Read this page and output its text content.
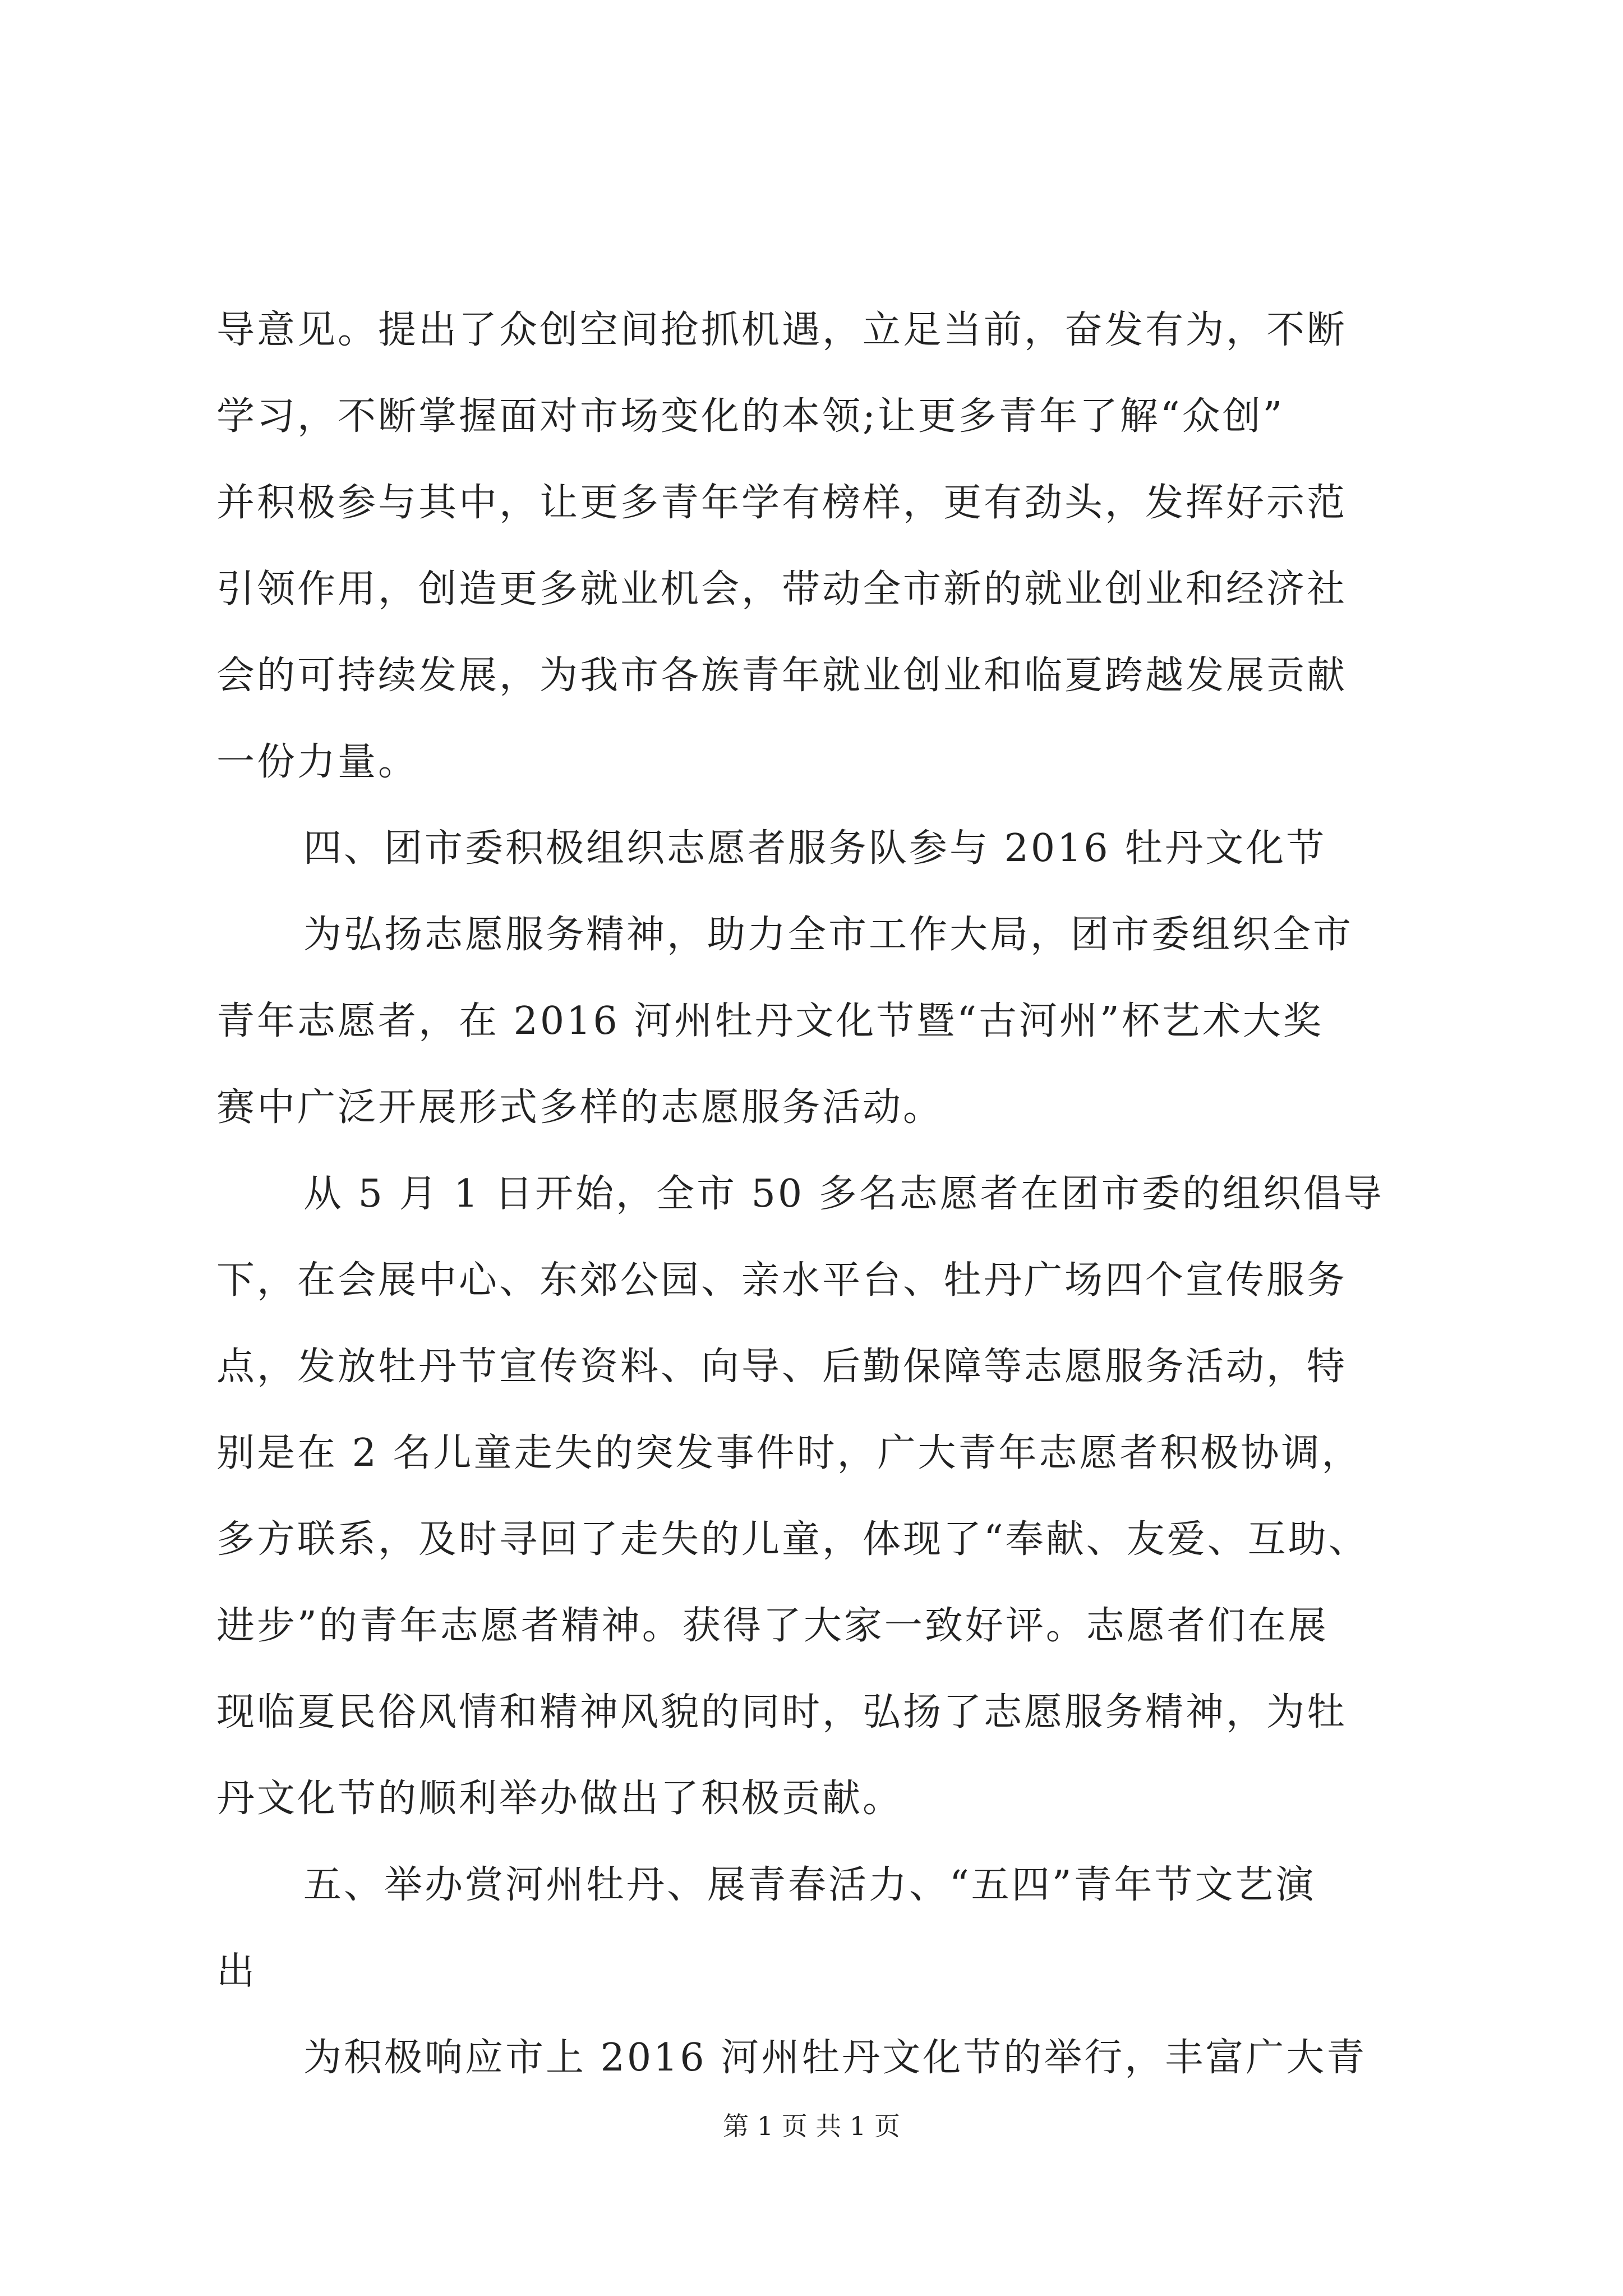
导意见。提出了众创空间抢抓机遇，立足当前，奋发有为，不断
学习，不断掌握面对市场变化的本领;让更多青年了解“众创”
并积极参与其中，让更多青年学有榜样，更有劲头，发挥好示范
引领作用，创造更多就业机会，带动全市新的就业创业和经济社
会的可持续发展，为我市各族青年就业创业和临夏跨越发展贡献
一份力量。
四、团市委积极组织志愿者服务队参与 2016 牡丹文化节
为弘扬志愿服务精神，助力全市工作大局，团市委组织全市
青年志愿者，在 2016 河州牡丹文化节暨“古河州”杯艺术大奖
赛中广泛开展形式多样的志愿服务活动。
从 5 月 1 日开始，全市 50 多名志愿者在团市委的组织倡导
下，在会展中心、东郊公园、亲水平台、牡丹广场四个宣传服务
点，发放牡丹节宣传资料、向导、后勤保障等志愿服务活动，特
别是在 2 名儿童走失的突发事件时，广大青年志愿者积极协调，
多方联系，及时寻回了走失的儿童，体现了“奉献、友爱、互助、
进步”的青年志愿者精神。获得了大家一致好评。志愿者们在展
现临夏民俗风情和精神风貌的同时，弘扬了志愿服务精神，为牡
丹文化节的顺利举办做出了积极贡献。
五、举办赏河州牡丹、展青春活力、“五四”青年节文艺演
出
为积极响应市上 2016 河州牡丹文化节的举行，丰富广大青
第 1 页 共 1 页
